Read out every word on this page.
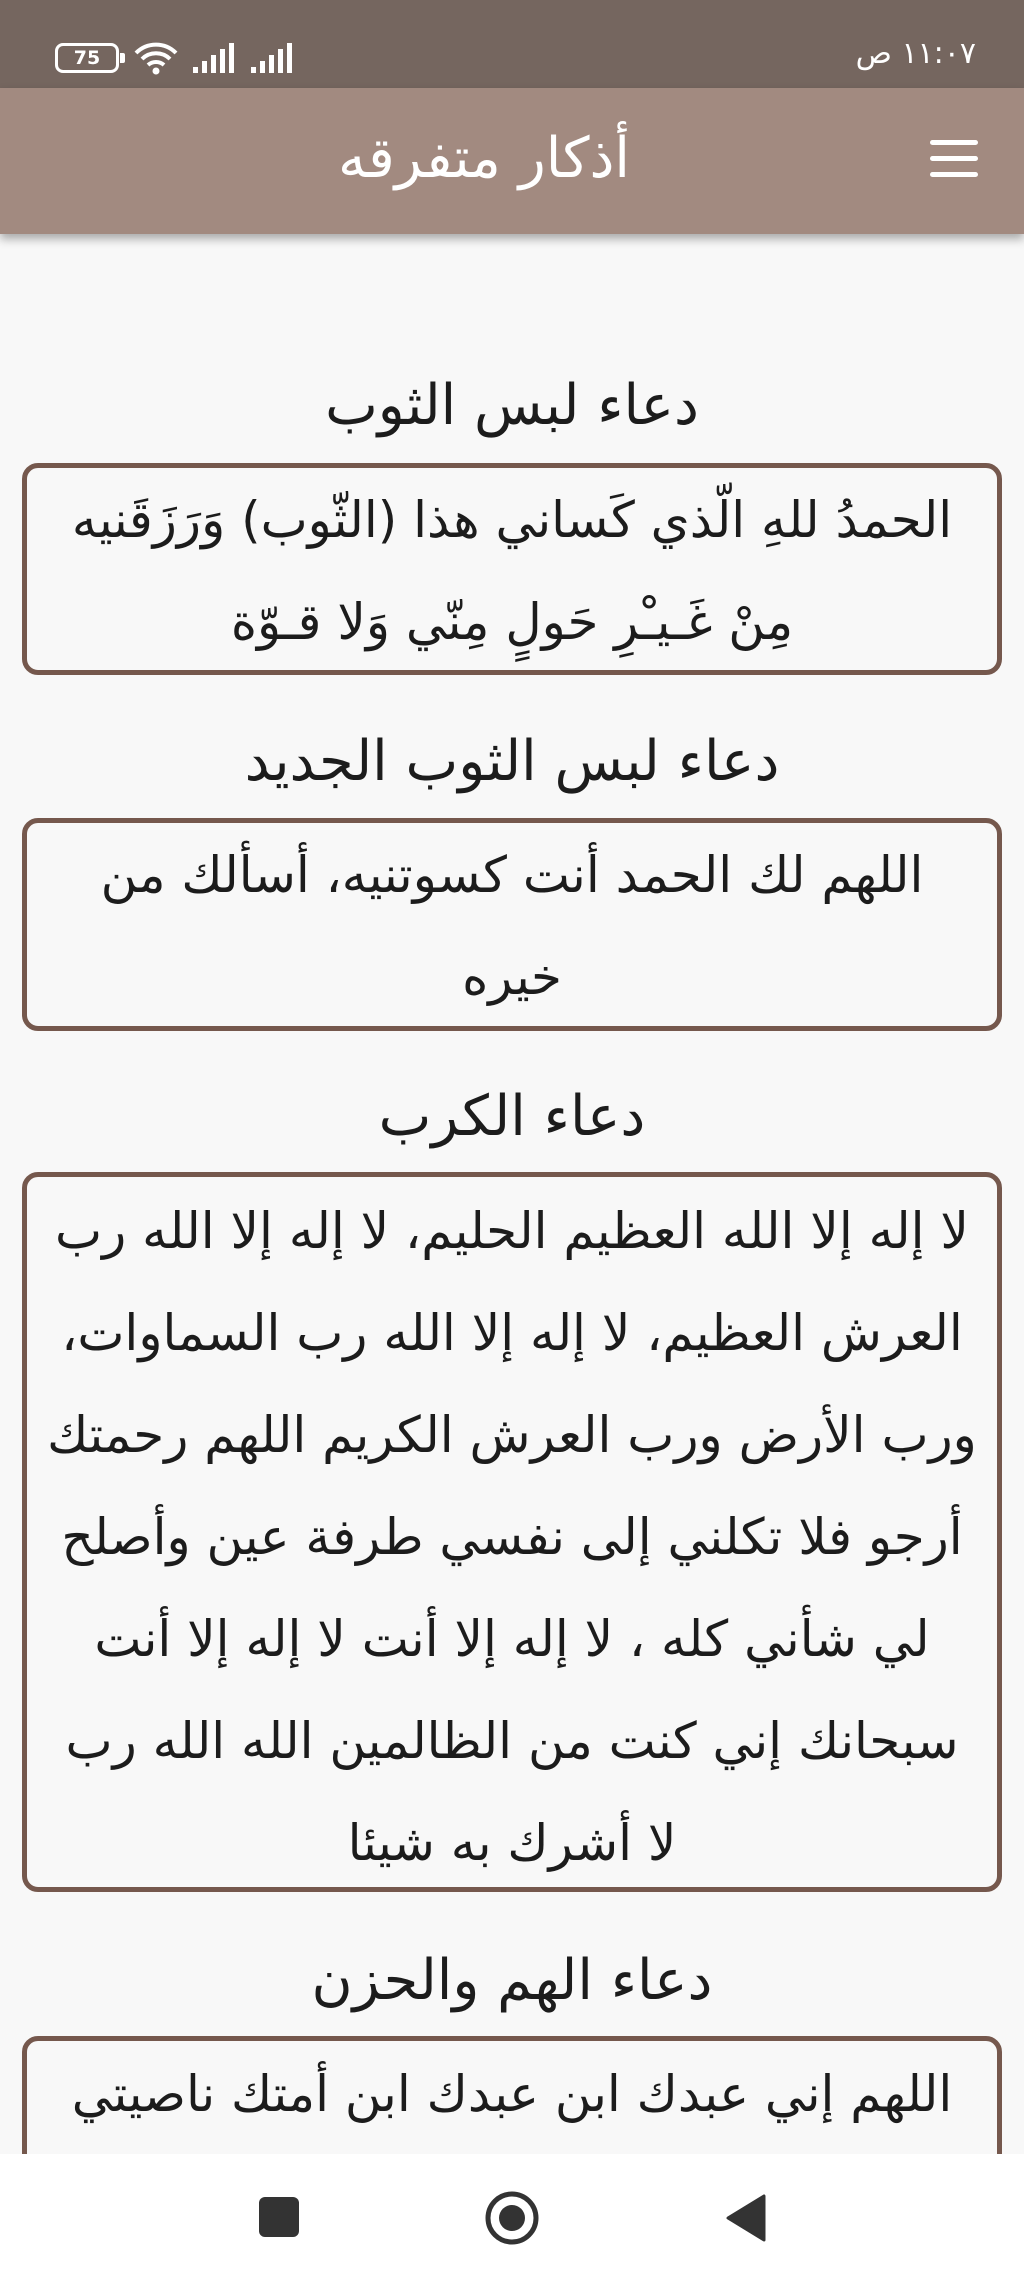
75	١١:٠٧ ص
أذكار متفرقه
دعاء لبس الثوب
الحمدُ للهِ الّذي كَساني هذا (الثّوب) وَرَزَقَنيه مِنْ غَـيـْرِ حَولٍ مِنّي وَلا قـوّة
دعاء لبس الثوب الجديد
اللهم لك الحمد أنت كسوتنيه، أسألك من خيره
دعاء الكرب
لا إله إلا الله العظيم الحليم، لا إله إلا الله رب العرش العظيم، لا إله إلا الله رب السماوات، ورب الأرض ورب العرش الكريم اللهم رحمتك أرجو فلا تكلني إلى نفسي طرفة عين وأصلح لي شأني كله ، لا إله إلا أنت لا إله إلا أنت سبحانك إني كنت من الظالمين الله الله رب لا أشرك به شيئا
دعاء الهم والحزن
اللهم إني عبدك ابن عبدك ابن أمتك ناصيتي
